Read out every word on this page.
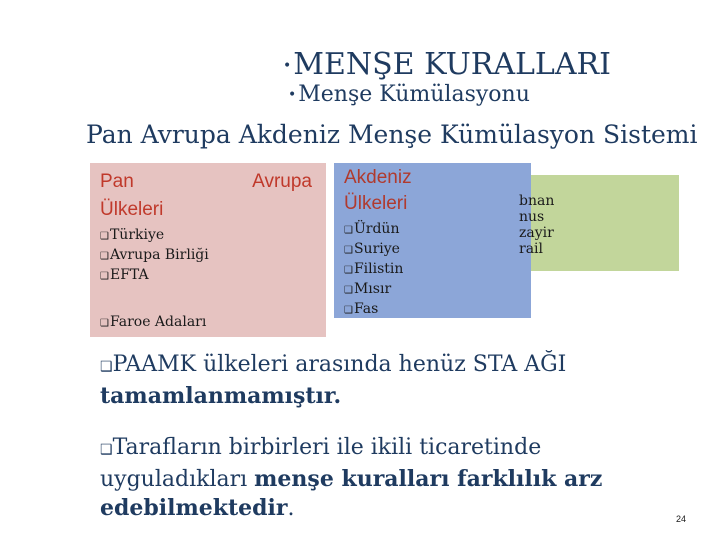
•MENŞE KURALLARI
•Menşe Kümülasyonu
Pan Avrupa Akdeniz Menşe Kümülasyon Sistemi
Pan	Avrupa
Ülkeleri
❑Türkiye
❑Avrupa Birliği
❑EFTA
❑Faroe Adaları
Akdeniz
Ülkeleri
❑Ürdün
❑Suriye
❑Filistin
❑Mısır
❑Fas
bnan
nus
zayir
rail
❑PAAMK ülkeleri arasında henüz STA AĞI
tamamlanmamıştır.
❑Tarafların birbirleri ile ikili ticaretinde uyguladıkları menşe kuralları farklılık arz edebilmektedir.	24
